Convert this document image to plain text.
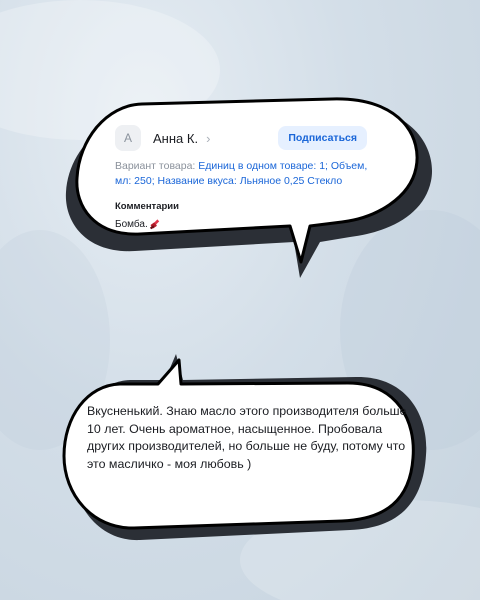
А	Анна К. ›	Подписаться
Вариант товара: Единиц в одном товаре: 1; Объем, мл: 250; Название вкуса: Льняное 0,25 Стекло
Комментарии
Бомба.
Вкусненький. Знаю масло этого производителя больше 10 лет. Очень ароматное, насыщенное. Пробовала других производителей, но больше не буду, потому что это масличко - моя любовь )
